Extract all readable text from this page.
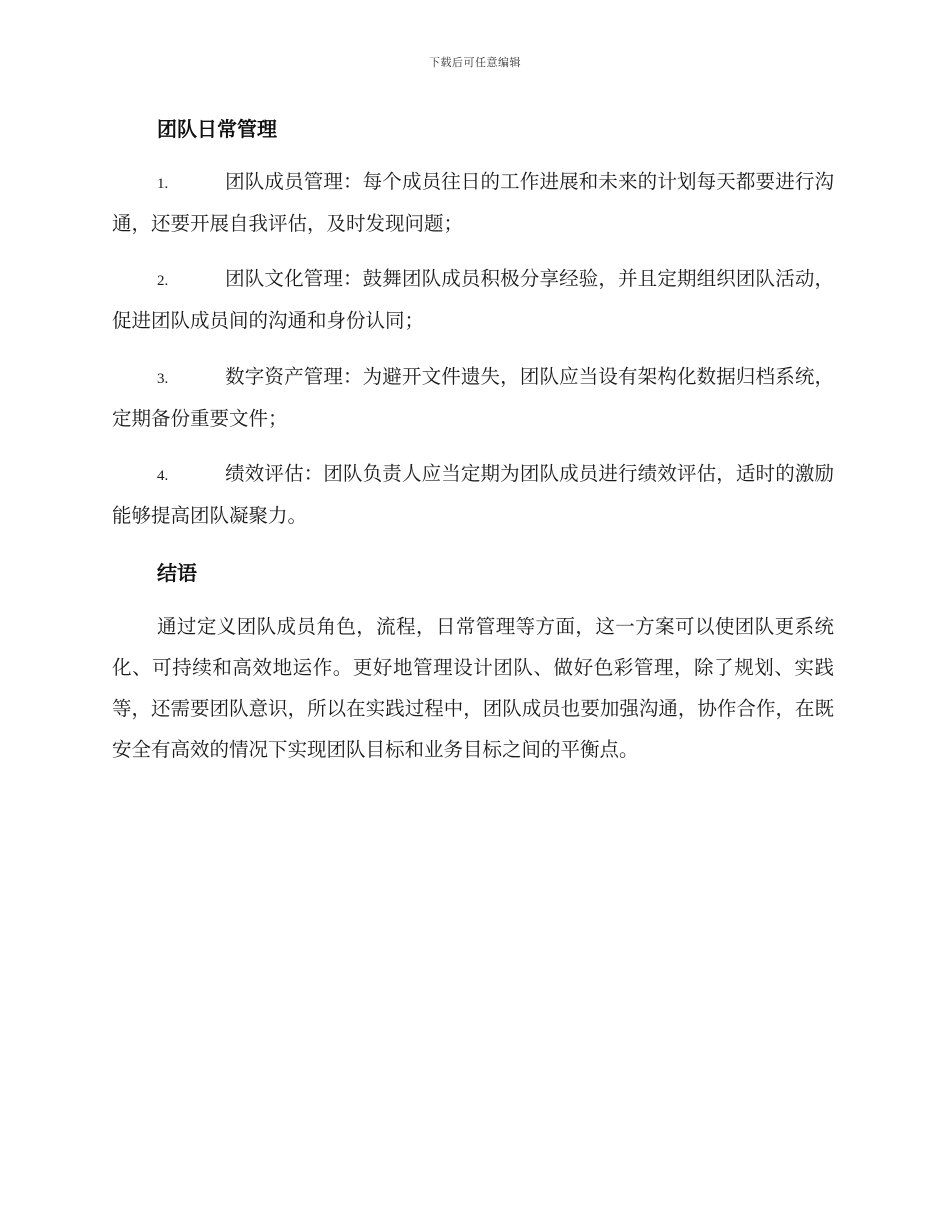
下载后可任意编辑
团队日常管理
1.	团队成员管理：每个成员往日的工作进展和未来的计划每天都要进行沟通，还要开展自我评估，及时发现问题；
2.	团队文化管理：鼓舞团队成员积极分享经验，并且定期组织团队活动，促进团队成员间的沟通和身份认同；
3.	数字资产管理：为避开文件遗失，团队应当设有架构化数据归档系统，定期备份重要文件；
4.	绩效评估：团队负责人应当定期为团队成员进行绩效评估，适时的激励能够提高团队凝聚力。
结语
通过定义团队成员角色，流程，日常管理等方面，这一方案可以使团队更系统化、可持续和高效地运作。更好地管理设计团队、做好色彩管理，除了规划、实践等，还需要团队意识，所以在实践过程中，团队成员也要加强沟通，协作合作，在既安全有高效的情况下实现团队目标和业务目标之间的平衡点。
